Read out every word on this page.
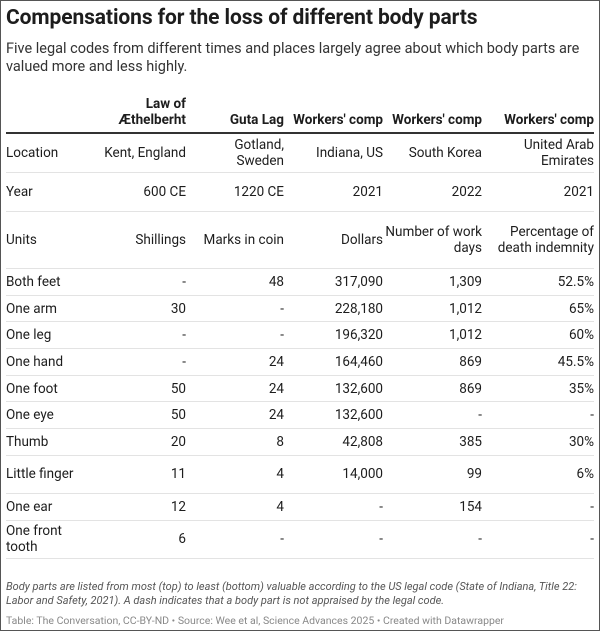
Compensations for the loss of different body parts
Five legal codes from different times and places largely agree about which body parts are valued more and less highly.
	Law of Æthelberht	Guta Lag	Workers' comp	Workers' comp	Workers' comp
Location	Kent, England	Gotland, Sweden	Indiana, US	South Korea	United Arab Emirates
Year	600 CE	1220 CE	2021	2022	2021
Units	Shillings	Marks in coin	Dollars	Number of work days	Percentage of death indemnity
Both feet	-	48	317,090	1,309	52.5%
One arm	30	-	228,180	1,012	65%
One leg	-	-	196,320	1,012	60%
One hand	-	24	164,460	869	45.5%
One foot	50	24	132,600	869	35%
One eye	50	24	132,600	-	-
Thumb	20	8	42,808	385	30%
Little finger	11	4	14,000	99	6%
One ear	12	4	-	154	-
One front tooth	6	-	-	-	-
Body parts are listed from most (top) to least (bottom) valuable according to the US legal code (State of Indiana, Title 22: Labor and Safety, 2021). A dash indicates that a body part is not appraised by the legal code.
Table: The Conversation, CC-BY-ND • Source: Wee et al, Science Advances 2025 • Created with Datawrapper
